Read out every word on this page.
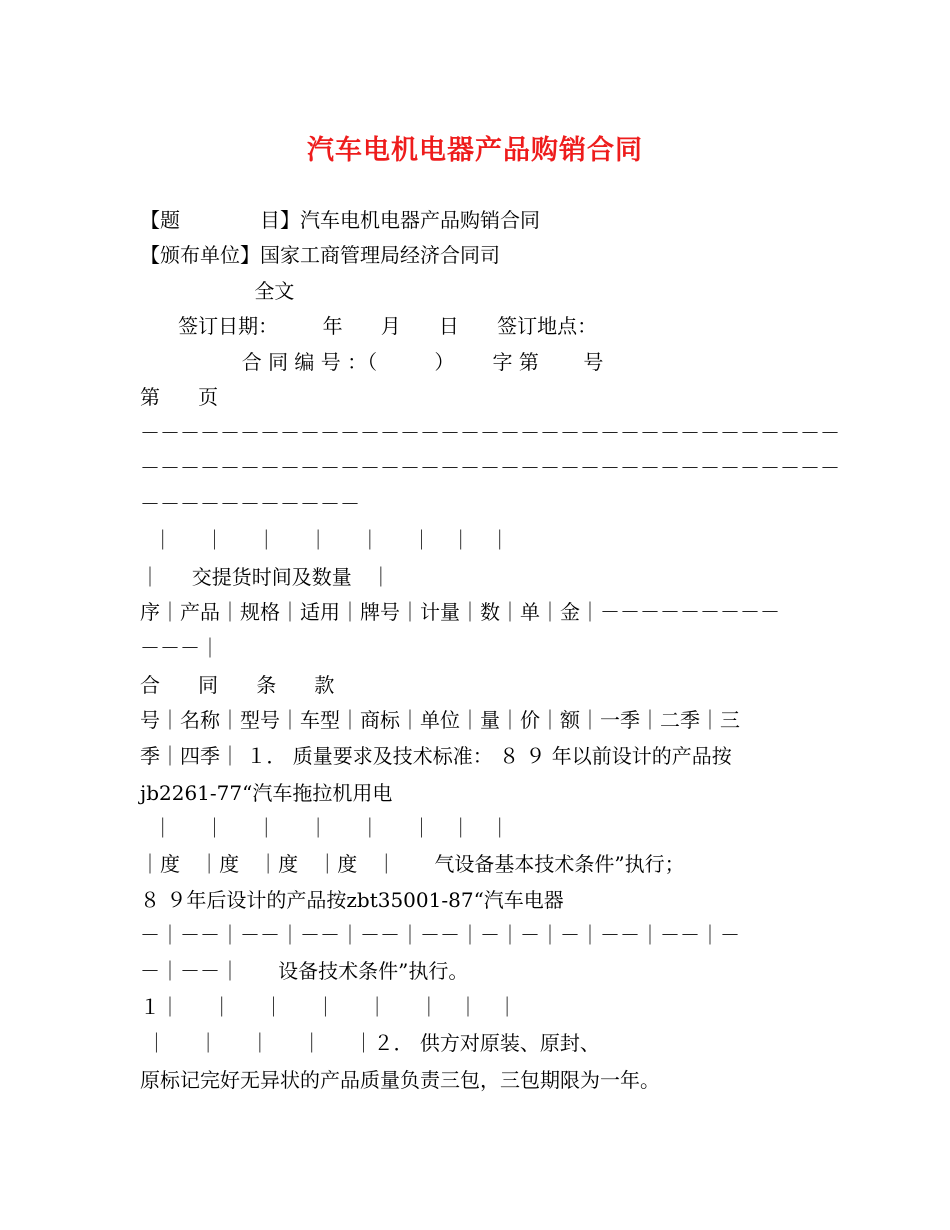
汽车电机电器产品购销合同
【题　　　　目】汽车电机电器产品购销合同
【颁布单位】国家工商管理局经济合同司
全文
签订日期：       年      月      日      签订地点：
合 同 编 号 ：（         ）      字 第       号
第      页
－－－－－－－－－－－－－－－－－－－－－－－－－－－－－－－－－－－
－－－－－－－－－－－－－－－－－－－－－－－－－－－－－－－－－－－
－－－－－－－－－－－
｜     ｜     ｜     ｜     ｜     ｜   ｜   ｜
｜     交提货时间及数量   ｜
序｜产品｜规格｜适用｜牌号｜计量｜数｜单｜金｜－－－－－－－－－
－－－｜
合      同      条      款
号｜名称｜型号｜车型｜商标｜单位｜量｜价｜额｜一季｜二季｜三
季｜四季｜ １． 质量要求及技术标准： ８ ９ 年以前设计的产品按
jb2261-77“汽车拖拉机用电
｜     ｜     ｜     ｜     ｜     ｜   ｜   ｜
｜度   ｜度   ｜度   ｜度   ｜      气设备基本技术条件”执行；
８ ９年后设计的产品按zbt35001-87“汽车电器
－｜－－｜－－｜－－｜－－｜－－｜－｜－｜－｜－－｜－－｜－
－｜－－｜      设备技术条件”执行。
１｜     ｜     ｜     ｜     ｜     ｜   ｜   ｜
｜     ｜     ｜     ｜     ｜２． 供方对原装、原封、
原标记完好无异状的产品质量负责三包，三包期限为一年。
